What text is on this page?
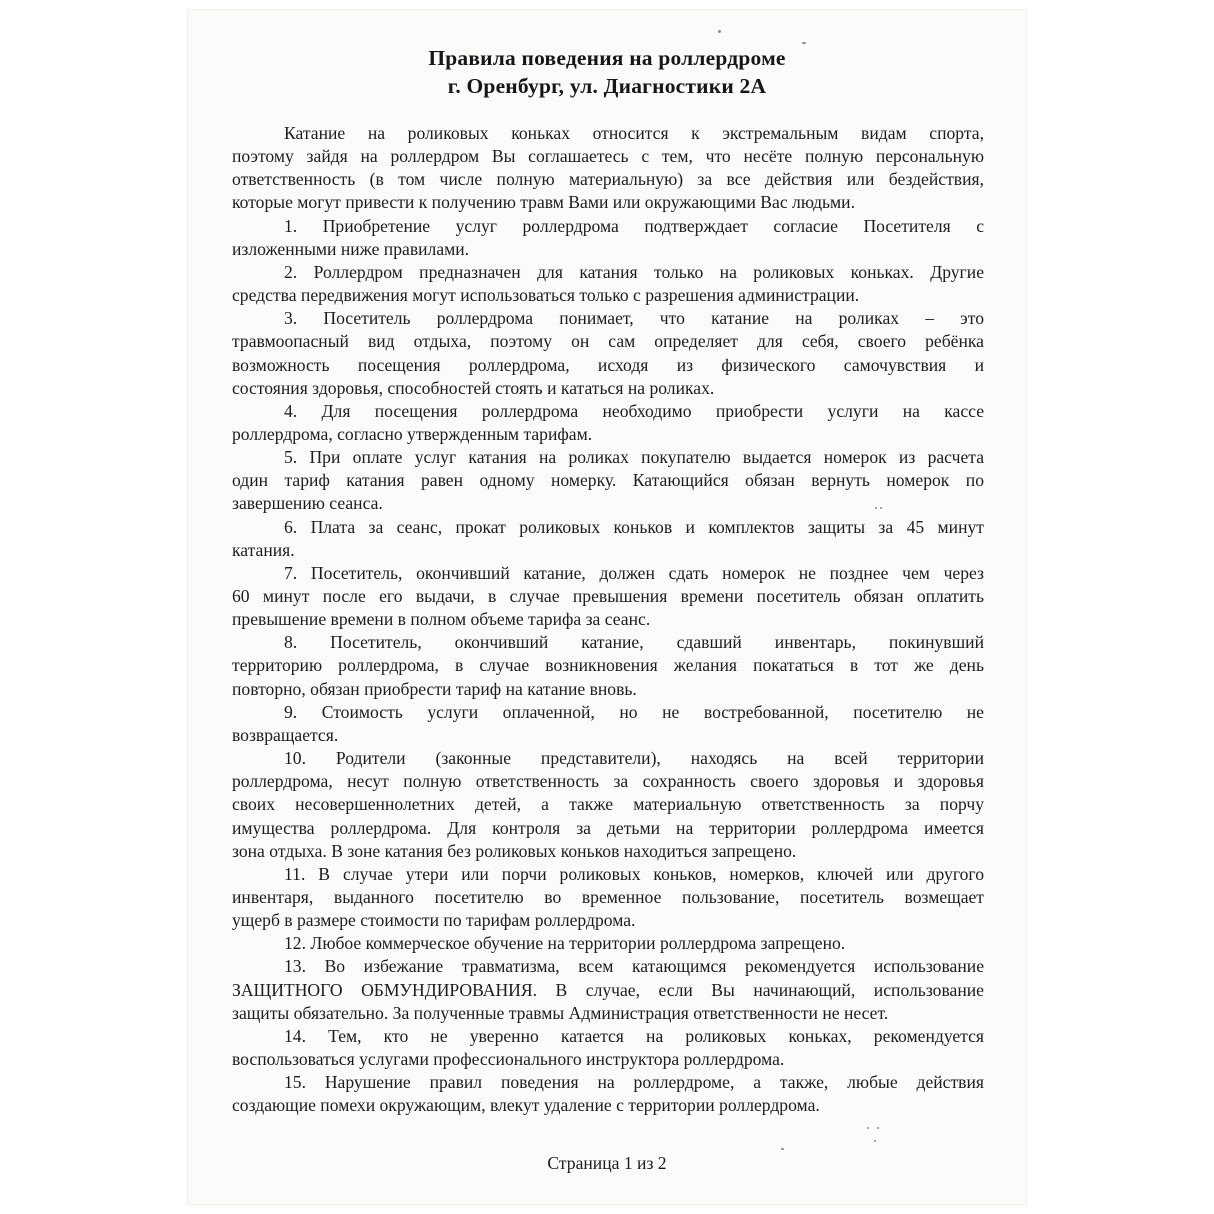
Правила поведения на роллердроме
г. Оренбург, ул. Диагностики 2А
Катание на роликовых коньках относится к экстремальным видам спорта,
поэтому зайдя на роллердром Вы соглашаетесь с тем, что несёте полную персональную
ответственность (в том числе полную материальную) за все действия или бездействия,
которые могут привести к получению травм Вами или окружающими Вас людьми.
1. Приобретение услуг роллердрома подтверждает согласие Посетителя с
изложенными ниже правилами.
2. Роллердром предназначен для катания только на роликовых коньках. Другие
средства передвижения могут использоваться только с разрешения администрации.
3. Посетитель роллердрома понимает, что катание на роликах – это
травмоопасный вид отдыха, поэтому он сам определяет для себя, своего ребёнка
возможность посещения роллердрома, исходя из физического самочувствия и
состояния здоровья, способностей стоять и кататься на роликах.
4. Для посещения роллердрома необходимо приобрести услуги на кассе
роллердрома, согласно утвержденным тарифам.
5. При оплате услуг катания на роликах покупателю выдается номерок из расчета
один тариф катания равен одному номерку. Катающийся обязан вернуть номерок по
завершению сеанса.
6. Плата за сеанс, прокат роликовых коньков и комплектов защиты за 45 минут
катания.
7. Посетитель, окончивший катание, должен сдать номерок не позднее чем через
60 минут после его выдачи, в случае превышения времени посетитель обязан оплатить
превышение времени в полном объеме тарифа за сеанс.
8. Посетитель, окончивший катание, сдавший инвентарь, покинувший
территорию роллердрома, в случае возникновения желания покататься в тот же день
повторно, обязан приобрести тариф на катание вновь.
9. Стоимость услуги оплаченной, но не востребованной, посетителю не
возвращается.
10. Родители (законные представители), находясь на всей территории
роллердрома, несут полную ответственность за сохранность своего здоровья и здоровья
своих несовершеннолетних детей, а также материальную ответственность за порчу
имущества роллердрома. Для контроля за детьми на территории роллердрома имеется
зона отдыха. В зоне катания без роликовых коньков находиться запрещено.
11. В случае утери или порчи роликовых коньков, номерков, ключей или другого
инвентаря, выданного посетителю во временное пользование, посетитель возмещает
ущерб в размере стоимости по тарифам роллердрома.
12. Любое коммерческое обучение на территории роллердрома запрещено.
13. Во избежание травматизма, всем катающимся рекомендуется использование
ЗАЩИТНОГО ОБМУНДИРОВАНИЯ. В случае, если Вы начинающий, использование
защиты обязательно. За полученные травмы Администрация ответственности не несет.
14. Тем, кто не уверенно катается на роликовых коньках, рекомендуется
воспользоваться услугами профессионального инструктора роллердрома.
15. Нарушение правил поведения на роллердроме, а также, любые действия
создающие помехи окружающим, влекут удаление с территории роллердрома.
Страница 1 из 2
